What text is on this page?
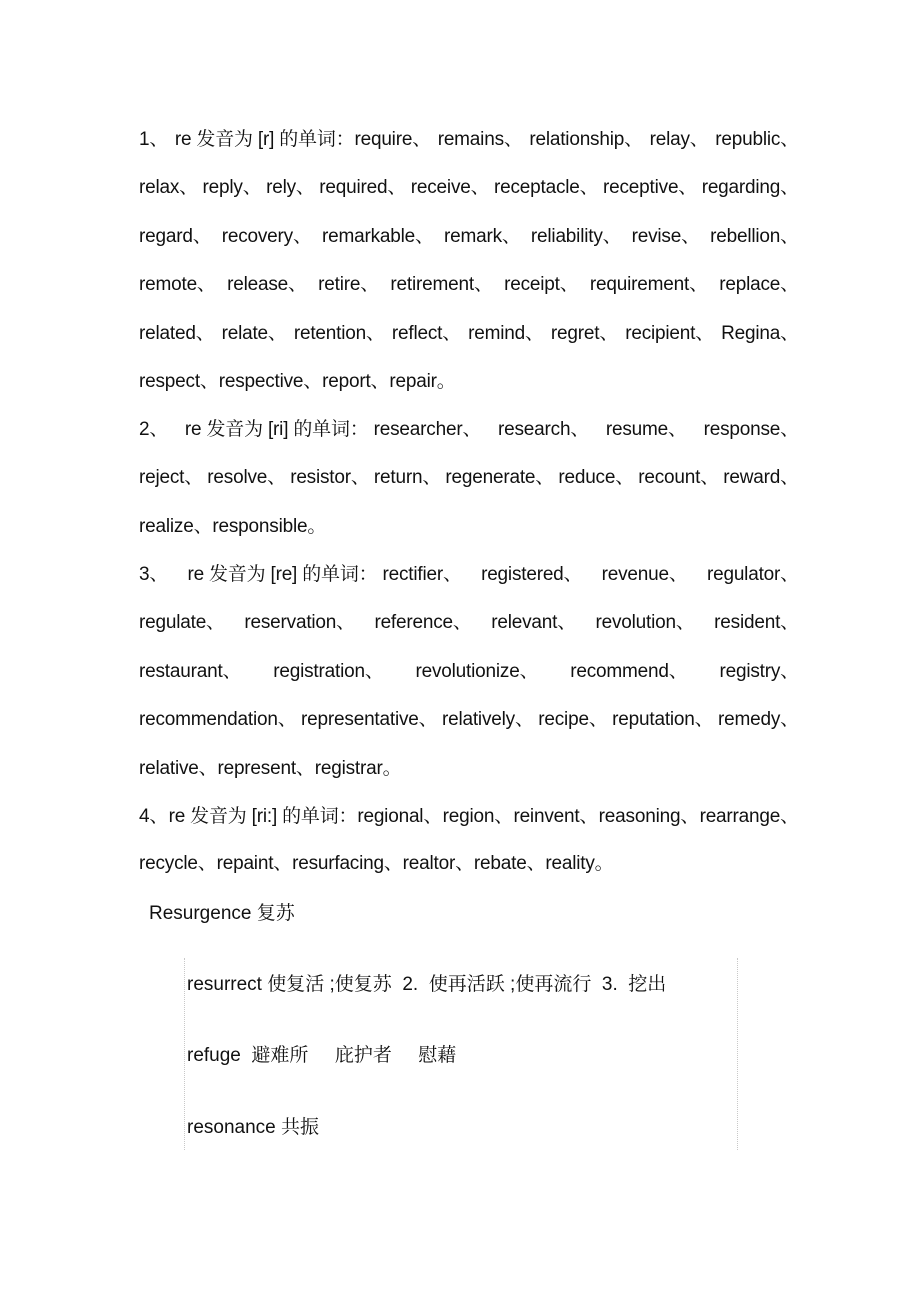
1、 re 发音为 [r] 的单词：require、 remains、 relationship、 relay、 republic、
relax、 reply、 rely、 required、 receive、 receptacle、 receptive、 regarding、
regard、 recovery、 remarkable、 remark、 reliability、 revise、 rebellion、
remote、 release、 retire、 retirement、 receipt、 requirement、 replace、
related、 relate、 retention、 reflect、 remind、 regret、 recipient、 Regina、
respect、respective、report、repair。
2、 re 发音为 [ri] 的单词： researcher、 research、 resume、 response、
reject、 resolve、 resistor、 return、 regenerate、 reduce、 recount、 reward、
realize、responsible。
3、 re 发音为 [re] 的单词： rectifier、 registered、 revenue、 regulator、
regulate、 reservation、 reference、 relevant、 revolution、 resident、
restaurant、 registration、 revolutionize、 recommend、 registry、
recommendation、 representative、 relatively、 recipe、 reputation、 remedy、
relative、represent、registrar。
4、 re 发音为 [ri:] 的单词：regional、 region、 reinvent、 reasoning、 rearrange、
recycle、repaint、resurfacing、realtor、rebate、reality。
Resurgence 复苏
resurrect 使复活 ;使复苏  2.  使再活跃 ;使再流行  3.  挖出
refuge  避难所     庇护者     慰藉
resonance 共振
